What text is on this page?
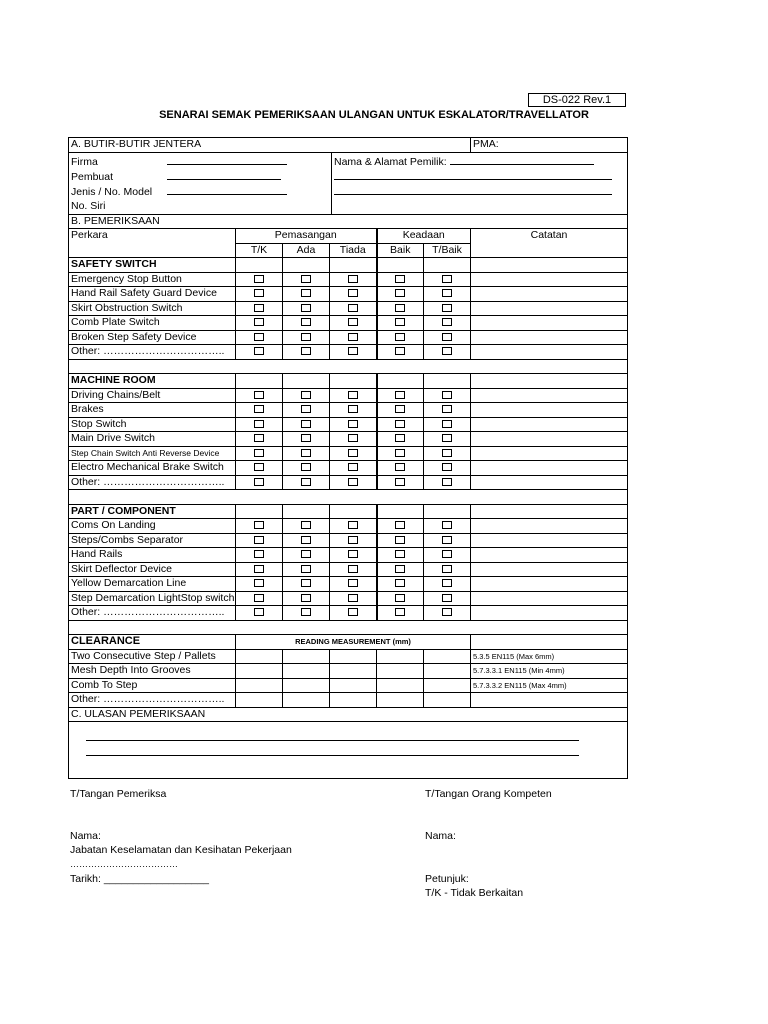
DS-022 Rev.1
SENARAI SEMAK PEMERIKSAAN ULANGAN UNTUK ESKALATOR/TRAVELLATOR
A. BUTIR-BUTIR JENTERA	PMA:

Firma
Pembuat
Jenis / No. Model
No. Siri

Nama & Alamat Pemilik:

B. PEMERIKSAAN
Perkara	Pemasangan	Keadaan	Catatan
T/K	Ada	Tiada	Baik	T/Baik
SAFETY SWITCH						
Emergency Stop Button						
Hand Rail Safety Guard Device						
Skirt Obstruction Switch						
Comb Plate Switch						
Broken Step Safety Device						
Other: ……………………………..						

MACHINE ROOM						
Driving Chains/Belt						
Brakes						
Stop Switch						
Main Drive Switch						
Step Chain Switch Anti Reverse Device						
Electro Mechanical Brake Switch						
Other: ……………………………..						

PART / COMPONENT						
Coms On Landing						
Steps/Combs Separator						
Hand Rails						
Skirt Deflector Device						
Yellow Demarcation Line						
Step Demarcation LightStop switch						
Other: ……………………………..						

CLEARANCE	READING MEASUREMENT (mm)	
Two Consecutive Step / Pallets						5.3.5 EN115 (Max 6mm)
Mesh Depth Into Grooves						5.7.3.3.1 EN115 (Min 4mm)
Comb To Step						5.7.3.3.2 EN115 (Max 4mm)
Other: ……………………………..						
C. ULASAN PEMERIKSAAN

T/Tangan Pemeriksa
Nama:
Jabatan Keselamatan dan Kesihatan Pekerjaan
………………………………
Tarikh: __________________
T/Tangan Orang Kompeten
Nama:
Petunjuk:
T/K - Tidak Berkaitan
